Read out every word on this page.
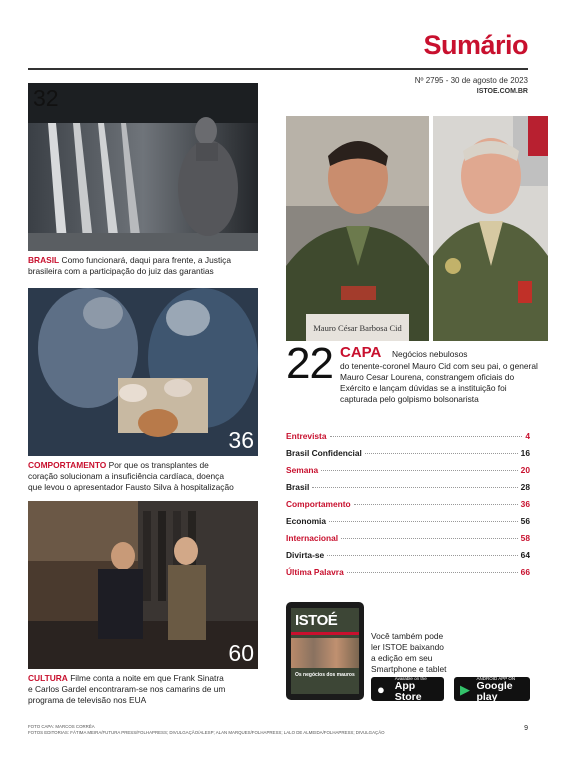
Sumário
Nº 2795 - 30 de agosto de 2023
ISTOE.COM.BR
32
BRASIL Como funcionará, daqui para frente, a Justiça
brasileira com a participação do juiz das garantias
36
COMPORTAMENTO Por que os transplantes de
coração solucionam a insuficiência cardíaca, doença
que levou o apresentador Fausto Silva à hospitalização
60
CULTURA Filme conta a noite em que Frank Sinatra
e Carlos Gardel encontraram-se nos camarins de um
programa de televisão nos EUA
Mauro César Barbosa Cid
22 CAPA Negócios nebulosos
do tenente-coronel Mauro Cid com seu pai, o general Mauro Cesar Lourena, constrangem oficiais do Exército e lançam dúvidas se a instituição foi capturada pelo golpismo bolsonarista
Entrevista	4
Brasil Confidencial	16
Semana	20
Brasil	28
Comportamento	36
Economia	56
Internacional	58
Divirta-se	64
Última Palavra	66
ISTOÉ
Os negócios dos mauros
Você também pode
ler ISTOE baixando
a edição em seu
Smartphone e tablet
●
Available on the
App Store	▶
ANDROID APP ON
Google play
FOTO CAPA: MARCOS CORRÊA
FOTOS EDITORIAS: FÁTIMA MEIRA/FUTURA PRESS/FOLHAPRESS; DIVULGAÇÃO/ALESP; ALAN MARQUES/FOLHAPRESS; LALO DE ALMEIDA/FOLHAPRESS; DIVULGAÇÃO
9
